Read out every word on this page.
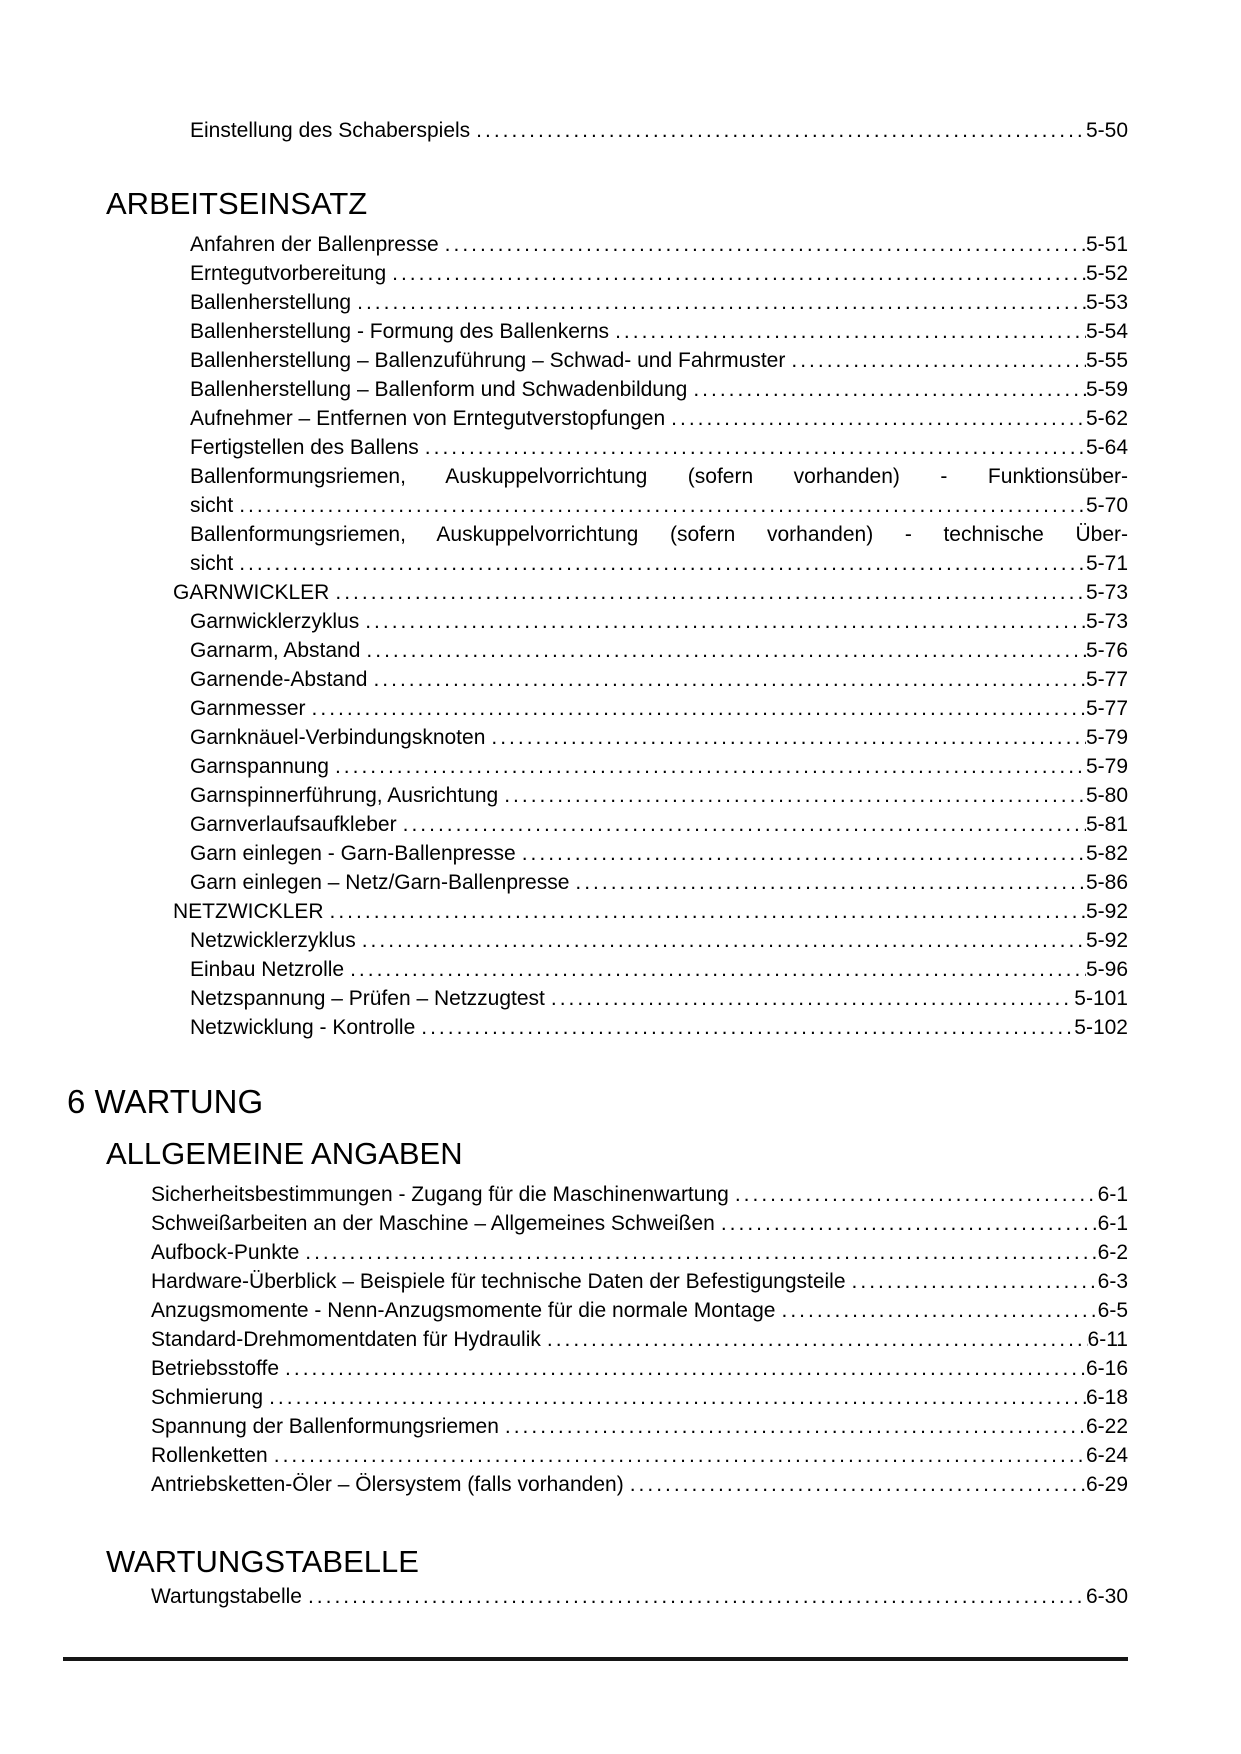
Einstellung des Schaberspiels .....	5-50
ARBEITSEINSATZ
Anfahren der Ballenpresse .....	5-51
Erntegutvorbereitung .....	5-52
Ballenherstellung .....	5-53
Ballenherstellung - Formung des Ballenkerns .....	5-54
Ballenherstellung – Ballenzuführung – Schwad- und Fahrmuster .....	5-55
Ballenherstellung – Ballenform und Schwadenbildung .....	5-59
Aufnehmer – Entfernen von Erntegutverstopfungen .....	5-62
Fertigstellen des Ballens .....	5-64
Ballenformungsriemen, Auskuppelvorrichtung (sofern vorhanden) - Funktionsüber-
sicht .....	5-70
Ballenformungsriemen, Auskuppelvorrichtung (sofern vorhanden) - technische Über-
sicht .....	5-71
GARNWICKLER .....	5-73
Garnwicklerzyklus .....	5-73
Garnarm, Abstand .....	5-76
Garnende-Abstand .....	5-77
Garnmesser .....	5-77
Garnknäuel-Verbindungsknoten .....	5-79
Garnspannung .....	5-79
Garnspinnerführung, Ausrichtung .....	5-80
Garnverlaufsaufkleber .....	5-81
Garn einlegen - Garn-Ballenpresse .....	5-82
Garn einlegen – Netz/Garn-Ballenpresse .....	5-86
NETZWICKLER .....	5-92
Netzwicklerzyklus .....	5-92
Einbau Netzrolle .....	5-96
Netzspannung – Prüfen – Netzzugtest .....	5-101
Netzwicklung - Kontrolle .....	5-102
6 WARTUNG
ALLGEMEINE ANGABEN
Sicherheitsbestimmungen - Zugang für die Maschinenwartung .....	6-1
Schweißarbeiten an der Maschine – Allgemeines Schweißen .....	6-1
Aufbock-Punkte .....	6-2
Hardware-Überblick – Beispiele für technische Daten der Befestigungsteile .....	6-3
Anzugsmomente - Nenn-Anzugsmomente für die normale Montage .....	6-5
Standard-Drehmomentdaten für Hydraulik .....	6-11
Betriebsstoffe .....	6-16
Schmierung .....	6-18
Spannung der Ballenformungsriemen .....	6-22
Rollenketten .....	6-24
Antriebsketten-Öler – Ölersystem (falls vorhanden) .....	6-29
WARTUNGSTABELLE
Wartungstabelle .....	6-30
